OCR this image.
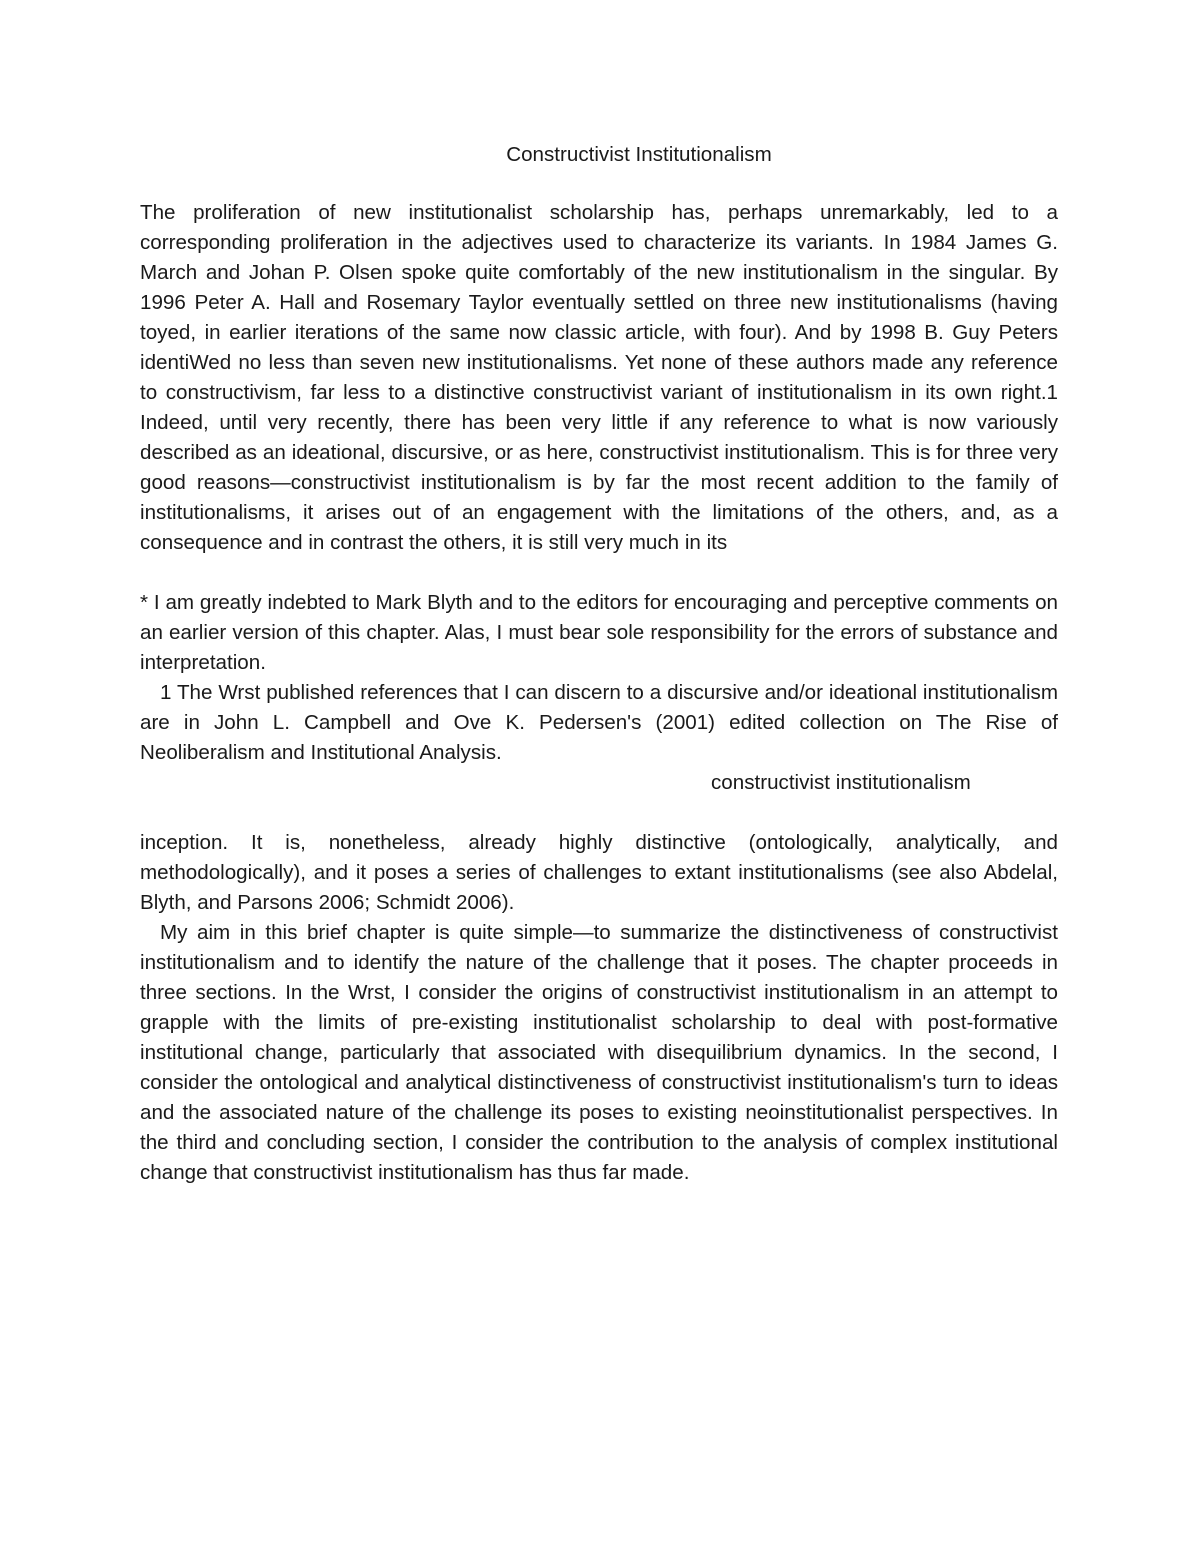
Constructivist Institutionalism

The proliferation of new institutionalist scholarship has, perhaps unremarkably, led to a corresponding proliferation in the adjectives used to characterize its variants. In 1984 James G. March and Johan P. Olsen spoke quite comfortably of the new institutionalism in the singular. By 1996 Peter A. Hall and Rosemary Taylor eventually settled on three new institutionalisms (having toyed, in earlier iterations of the same now classic article, with four). And by 1998 B. Guy Peters identiWed no less than seven new institutionalisms. Yet none of these authors made any reference to constructivism, far less to a distinctive constructivist variant of institutionalism in its own right.1 Indeed, until very recently, there has been very little if any reference to what is now variously described as an ideational, discursive, or as here, constructivist institutionalism. This is for three very good reasons—constructivist institutionalism is by far the most recent addition to the family of institutionalisms, it arises out of an engagement with the limitations of the others, and, as a consequence and in contrast the others, it is still very much in its

* I am greatly indebted to Mark Blyth and to the editors for encouraging and perceptive comments on an earlier version of this chapter. Alas, I must bear sole responsibility for the errors of substance and interpretation.

1 The Wrst published references that I can discern to a discursive and/or ideational institutionalism are in John L. Campbell and Ove K. Pedersen's (2001) edited collection on The Rise of Neoliberalism and Institutional Analysis.

constructivist institutionalism

inception. It is, nonetheless, already highly distinctive (ontologically, analytically, and methodologically), and it poses a series of challenges to extant institutionalisms (see also Abdelal, Blyth, and Parsons 2006; Schmidt 2006).

My aim in this brief chapter is quite simple—to summarize the distinctiveness of constructivist institutionalism and to identify the nature of the challenge that it poses. The chapter proceeds in three sections. In the Wrst, I consider the origins of constructivist institutionalism in an attempt to grapple with the limits of pre-existing institutionalist scholarship to deal with post-formative institutional change, particularly that associated with disequilibrium dynamics. In the second, I consider the ontological and analytical distinctiveness of constructivist institutionalism's turn to ideas and the associated nature of the challenge its poses to existing neoinstitutionalist perspectives. In the third and concluding section, I consider the contribution to the analysis of complex institutional change that constructivist institutionalism has thus far made.
